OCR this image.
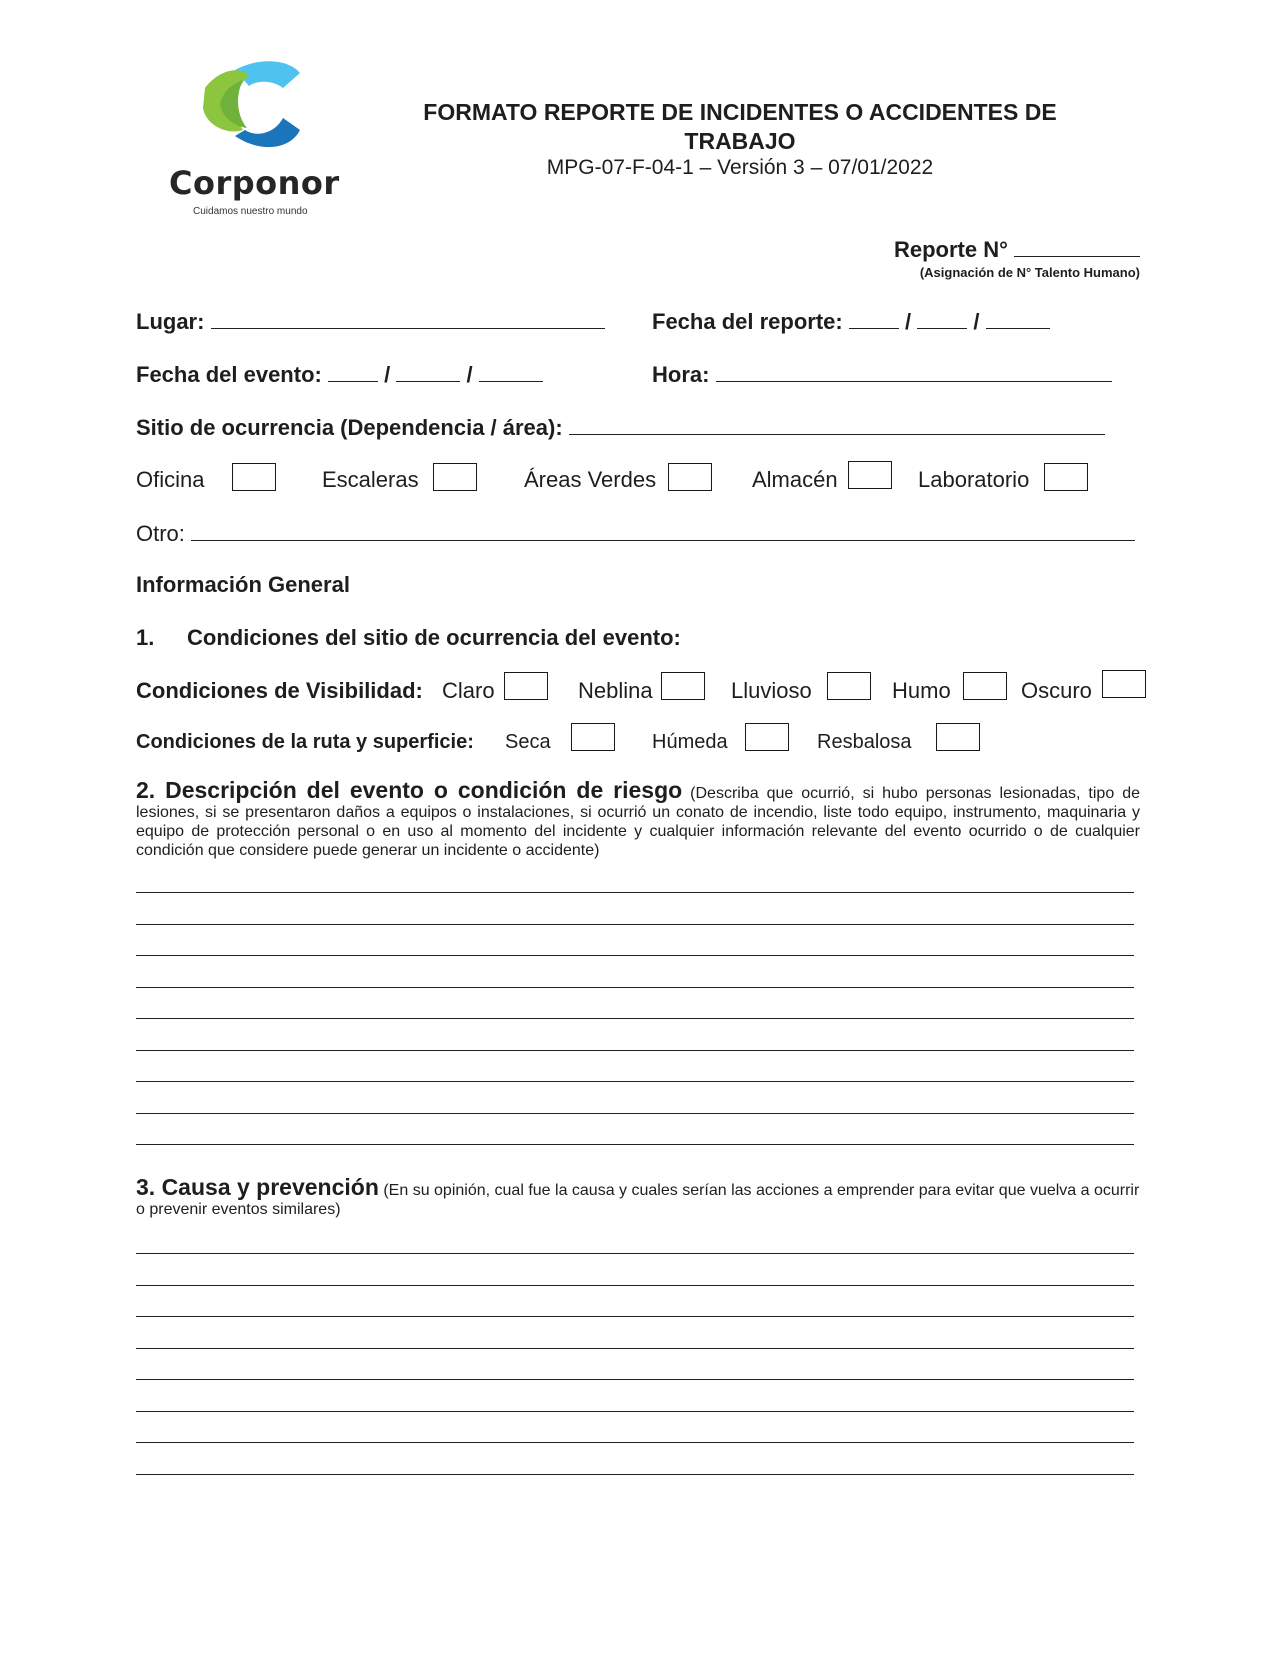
Corponor
Cuidamos nuestro mundo
FORMATO REPORTE DE INCIDENTES O ACCIDENTES DE TRABAJO
MPG-07-F-04-1 – Versión 3 – 07/01/2022
Reporte N°
(Asignación de N° Talento Humano)
Lugar:	Fecha del reporte:	/	/
Fecha del evento:	/	/	Hora:
Sitio de ocurrencia (Dependencia / área):
Oficina	Escaleras	Áreas Verdes	Almacén	Laboratorio
Otro:
Información General
1. Condiciones del sitio de ocurrencia del evento:
Condiciones de Visibilidad: Claro	Neblina	Lluvioso	Humo	Oscuro
Condiciones de la ruta y superficie: Seca	Húmeda	Resbalosa
2. Descripción del evento o condición de riesgo (Describa que ocurrió, si hubo personas lesionadas, tipo de lesiones, si se presentaron daños a equipos o instalaciones, si ocurrió un conato de incendio, liste todo equipo, instrumento, maquinaria y equipo de protección personal o en uso al momento del incidente y cualquier información relevante del evento ocurrido o de cualquier condición que considere puede generar un incidente o accidente)
3. Causa y prevención (En su opinión, cual fue la causa y cuales serían las acciones a emprender para evitar que vuelva a ocurrir o prevenir eventos similares)
